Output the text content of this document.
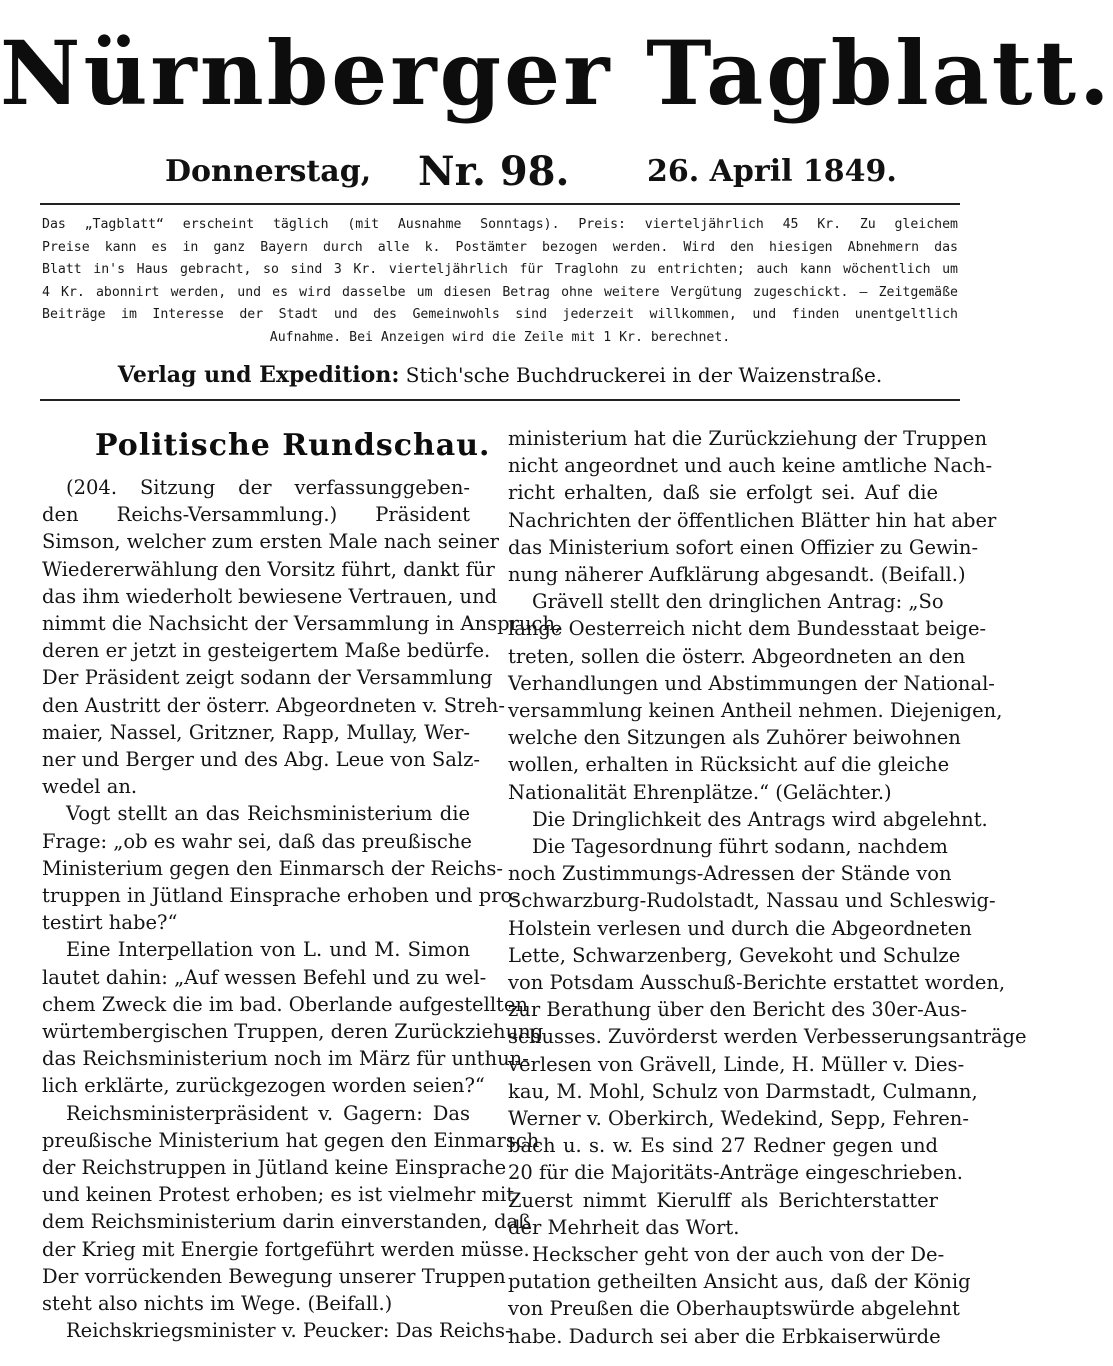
Nürnberger Tagblatt.
Donnerstag, Nr. 98.	26. April 1849.
Das „Tagblatt“ erscheint täglich (mit Ausnahme Sonntags). Preis: vierteljährlich 45 Kr. Zu gleichem
Preise kann es in ganz Bayern durch alle k. Postämter bezogen werden. Wird den hiesigen Abnehmern das
Blatt in's Haus gebracht, so sind 3 Kr. vierteljährlich für Traglohn zu entrichten; auch kann wöchentlich um
4 Kr. abonnirt werden, und es wird dasselbe um diesen Betrag ohne weitere Vergütung zugeschickt. — Zeitgemäße
Beiträge im Interesse der Stadt und des Gemeinwohls sind jederzeit willkommen, und finden unentgeltlich
Aufnahme. Bei Anzeigen wird die Zeile mit 1 Kr. berechnet.
Verlag und Expedition: Stich'sche Buchdruckerei in der Waizenstraße.
Politische Rundschau.
(204. Sitzung der verfassunggeben-
den Reichs-Versammlung.) Präsident
Simson, welcher zum ersten Male nach seiner
Wiedererwählung den Vorsitz führt, dankt für
das ihm wiederholt bewiesene Vertrauen, und
nimmt die Nachsicht der Versammlung in Anspruch,
deren er jetzt in gesteigertem Maße bedürfe.
Der Präsident zeigt sodann der Versammlung
den Austritt der österr. Abgeordneten v. Streh-
maier, Nassel, Gritzner, Rapp, Mullay, Wer-
ner und Berger und des Abg. Leue von Salz-
wedel an.
Vogt stellt an das Reichsministerium die
Frage: „ob es wahr sei, daß das preußische
Ministerium gegen den Einmarsch der Reichs-
truppen in Jütland Einsprache erhoben und pro-
testirt habe?“
Eine Interpellation von L. und M. Simon
lautet dahin: „Auf wessen Befehl und zu wel-
chem Zweck die im bad. Oberlande aufgestellten
würtembergischen Truppen, deren Zurückziehung
das Reichsministerium noch im März für unthun-
lich erklärte, zurückgezogen worden seien?“
Reichsministerpräsident v. Gagern: Das
preußische Ministerium hat gegen den Einmarsch
der Reichstruppen in Jütland keine Einsprache
und keinen Protest erhoben; es ist vielmehr mit
dem Reichsministerium darin einverstanden, daß
der Krieg mit Energie fortgeführt werden müsse.
Der vorrückenden Bewegung unserer Truppen
steht also nichts im Wege. (Beifall.)
Reichskriegsminister v. Peucker: Das Reichs-
ministerium hat die Zurückziehung der Truppen
nicht angeordnet und auch keine amtliche Nach-
richt erhalten, daß sie erfolgt sei. Auf die
Nachrichten der öffentlichen Blätter hin hat aber
das Ministerium sofort einen Offizier zu Gewin-
nung näherer Aufklärung abgesandt. (Beifall.)
Grävell stellt den dringlichen Antrag: „So
lange Oesterreich nicht dem Bundesstaat beige-
treten, sollen die österr. Abgeordneten an den
Verhandlungen und Abstimmungen der National-
versammlung keinen Antheil nehmen. Diejenigen,
welche den Sitzungen als Zuhörer beiwohnen
wollen, erhalten in Rücksicht auf die gleiche
Nationalität Ehrenplätze.“ (Gelächter.)
Die Dringlichkeit des Antrags wird abgelehnt.
Die Tagesordnung führt sodann, nachdem
noch Zustimmungs-Adressen der Stände von
Schwarzburg-Rudolstadt, Nassau und Schleswig-
Holstein verlesen und durch die Abgeordneten
Lette, Schwarzenberg, Gevekoht und Schulze
von Potsdam Ausschuß-Berichte erstattet worden,
zur Berathung über den Bericht des 30er-Aus-
schusses. Zuvörderst werden Verbesserungsanträge
verlesen von Grävell, Linde, H. Müller v. Dies-
kau, M. Mohl, Schulz von Darmstadt, Culmann,
Werner v. Oberkirch, Wedekind, Sepp, Fehren-
bach u. s. w. Es sind 27 Redner gegen und
20 für die Majoritäts-Anträge eingeschrieben.
Zuerst nimmt Kierulff als Berichterstatter
der Mehrheit das Wort.
Heckscher geht von der auch von der De-
putation getheilten Ansicht aus, daß der König
von Preußen die Oberhauptswürde abgelehnt
habe. Dadurch sei aber die Erbkaiserwürde
